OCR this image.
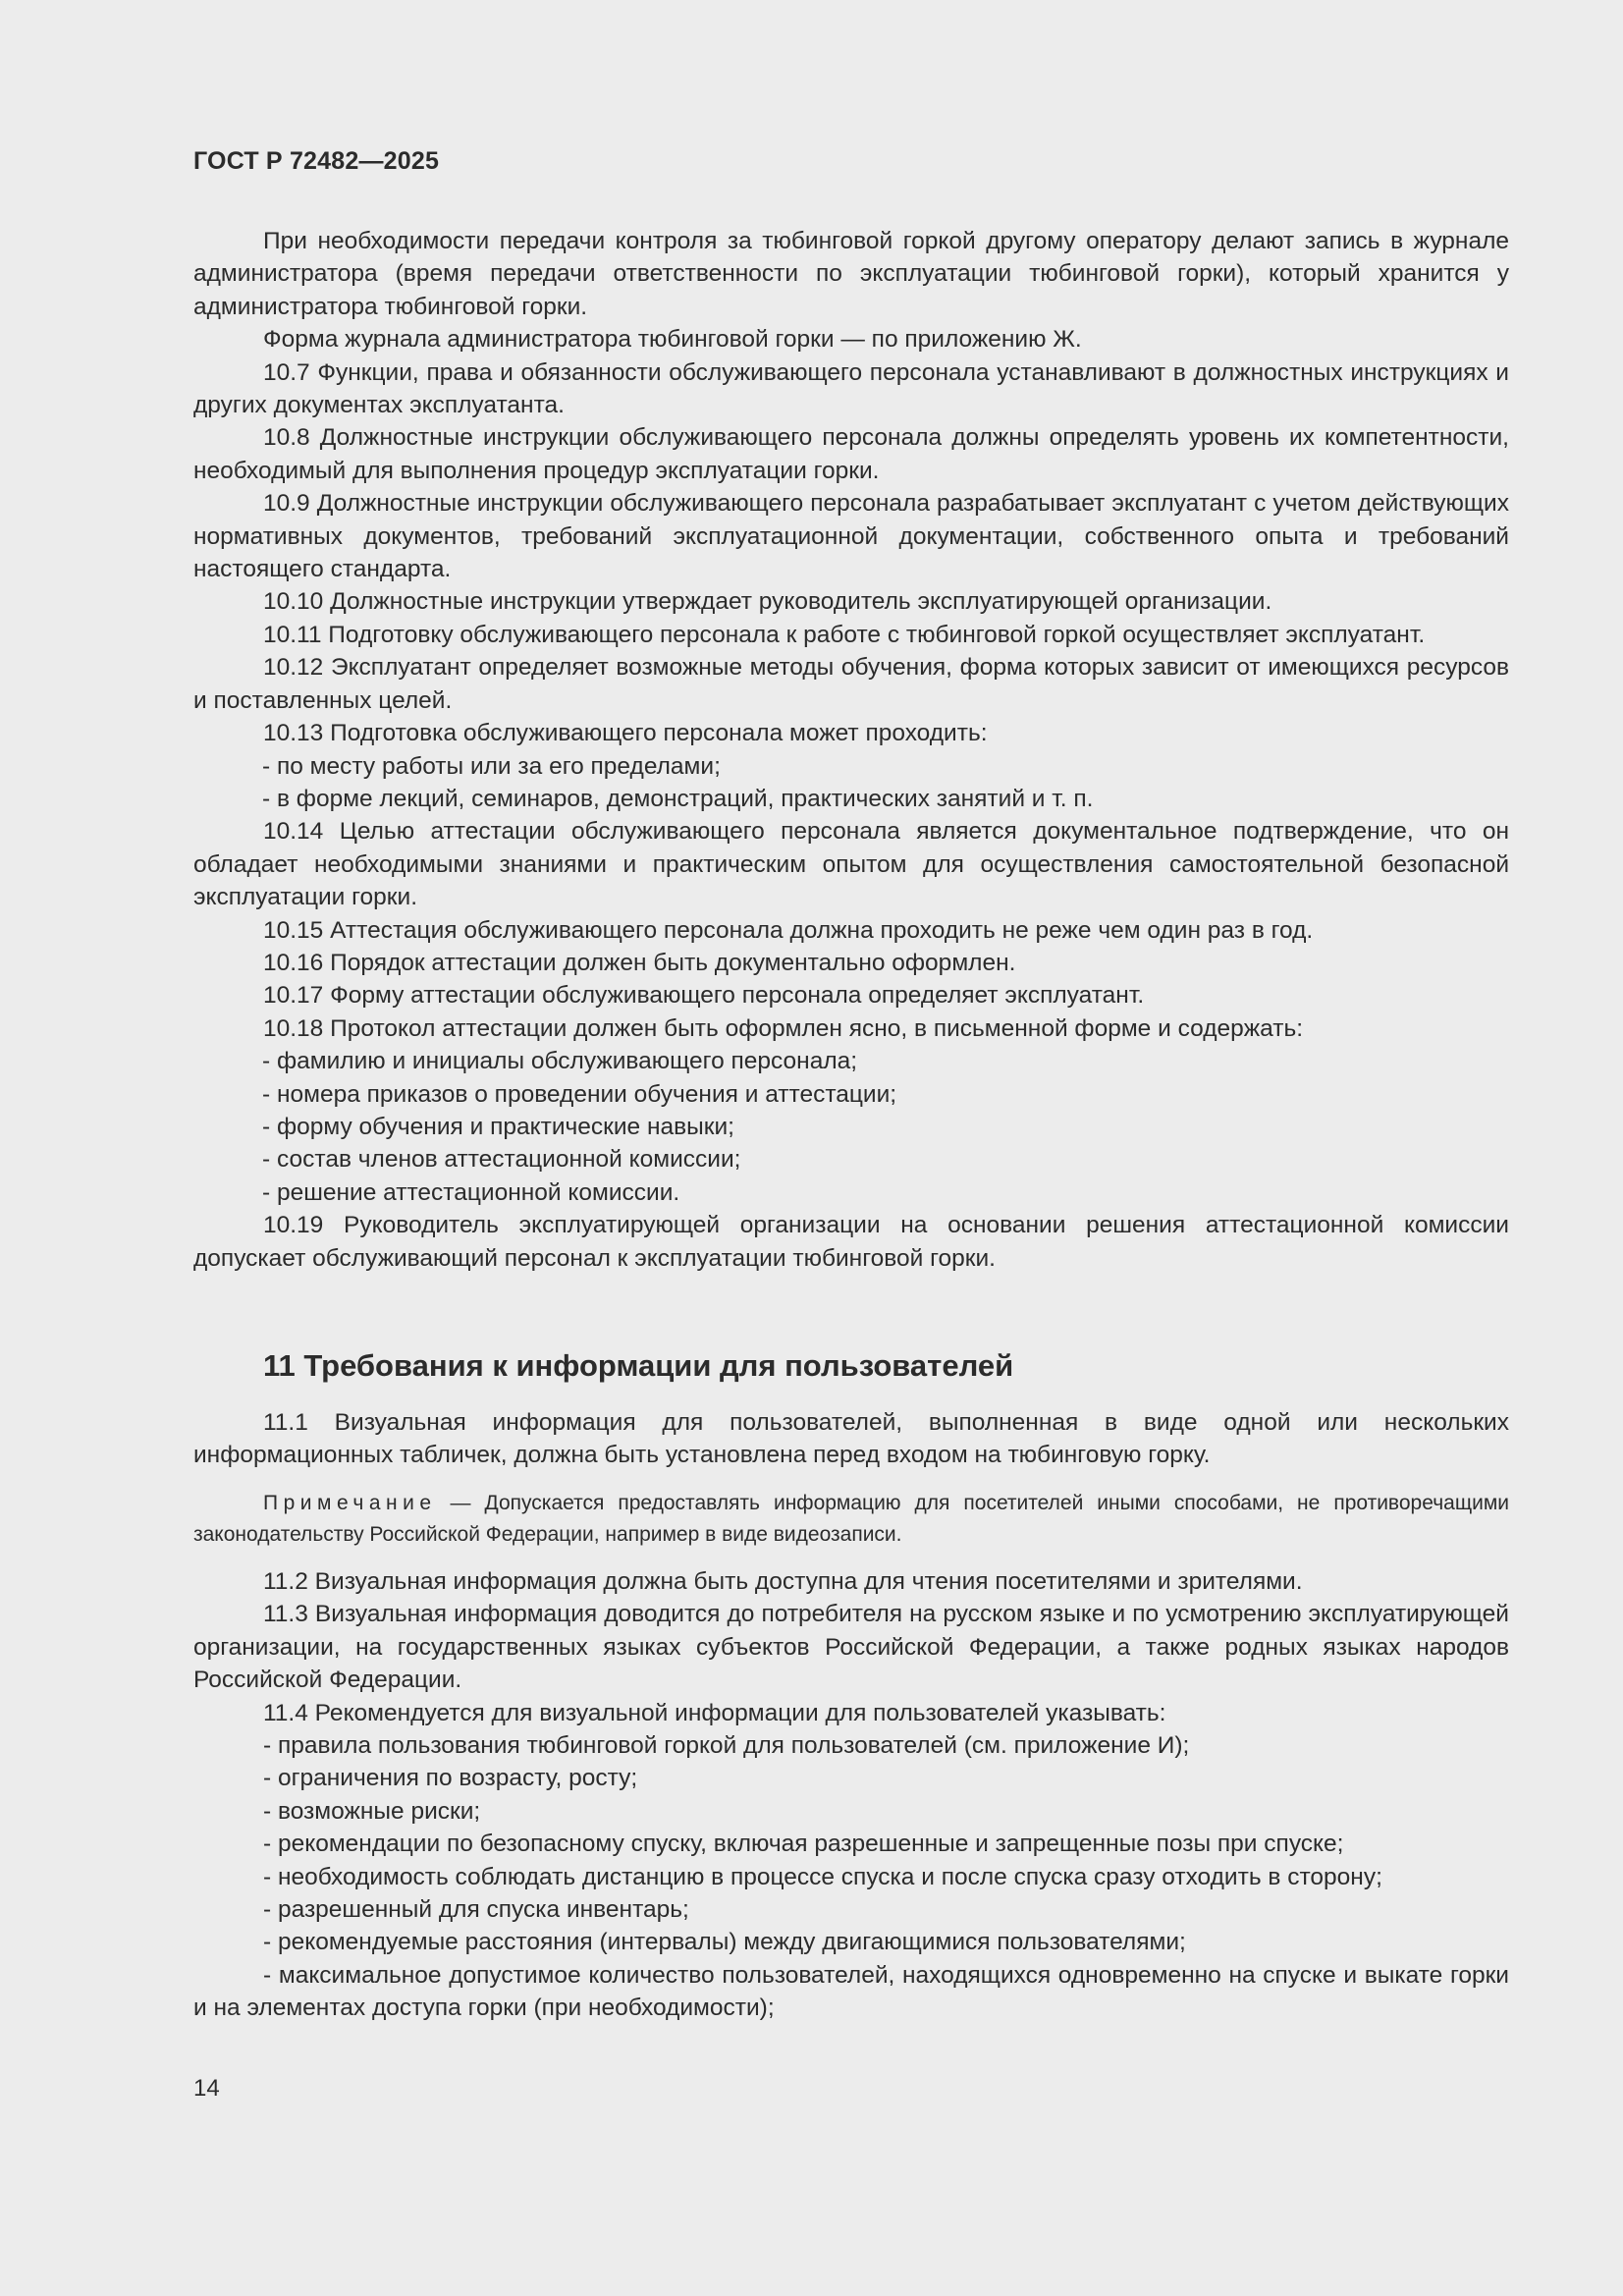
ГОСТ Р 72482—2025

При необходимости передачи контроля за тюбинговой горкой другому оператору делают запись в журнале администратора (время передачи ответственности по эксплуатации тюбинговой горки), который хранится у администратора тюбинговой горки.

Форма журнала администратора тюбинговой горки — по приложению Ж.

10.7 Функции, права и обязанности обслуживающего персонала устанавливают в должностных инструкциях и других документах эксплуатанта.

10.8 Должностные инструкции обслуживающего персонала должны определять уровень их компетентности, необходимый для выполнения процедур эксплуатации горки.

10.9 Должностные инструкции обслуживающего персонала разрабатывает эксплуатант с учетом действующих нормативных документов, требований эксплуатационной документации, собственного опыта и требований настоящего стандарта.

10.10 Должностные инструкции утверждает руководитель эксплуатирующей организации.

10.11 Подготовку обслуживающего персонала к работе с тюбинговой горкой осуществляет эксплуатант.

10.12 Эксплуатант определяет возможные методы обучения, форма которых зависит от имеющихся ресурсов и поставленных целей.

10.13 Подготовка обслуживающего персонала может проходить:

- по месту работы или за его пределами;

- в форме лекций, семинаров, демонстраций, практических занятий и т. п.

10.14 Целью аттестации обслуживающего персонала является документальное подтверждение, что он обладает необходимыми знаниями и практическим опытом для осуществления самостоятельной безопасной эксплуатации горки.

10.15 Аттестация обслуживающего персонала должна проходить не реже чем один раз в год.

10.16 Порядок аттестации должен быть документально оформлен.

10.17 Форму аттестации обслуживающего персонала определяет эксплуатант.

10.18 Протокол аттестации должен быть оформлен ясно, в письменной форме и содержать:

- фамилию и инициалы обслуживающего персонала;

- номера приказов о проведении обучения и аттестации;

- форму обучения и практические навыки;

- состав членов аттестационной комиссии;

- решение аттестационной комиссии.

10.19 Руководитель эксплуатирующей организации на основании решения аттестационной комиссии допускает обслуживающий персонал к эксплуатации тюбинговой горки.

11 Требования к информации для пользователей

11.1 Визуальная информация для пользователей, выполненная в виде одной или нескольких информационных табличек, должна быть установлена перед входом на тюбинговую горку.

Примечание — Допускается предоставлять информацию для посетителей иными способами, не противоречащими законодательству Российской Федерации, например в виде видеозаписи.

11.2 Визуальная информация должна быть доступна для чтения посетителями и зрителями.

11.3 Визуальная информация доводится до потребителя на русском языке и по усмотрению эксплуатирующей организации, на государственных языках субъектов Российской Федерации, а также родных языках народов Российской Федерации.

11.4 Рекомендуется для визуальной информации для пользователей указывать:

- правила пользования тюбинговой горкой для пользователей (см. приложение И);

- ограничения по возрасту, росту;

- возможные риски;

- рекомендации по безопасному спуску, включая разрешенные и запрещенные позы при спуске;

- необходимость соблюдать дистанцию в процессе спуска и после спуска сразу отходить в сторону;

- разрешенный для спуска инвентарь;

- рекомендуемые расстояния (интервалы) между двигающимися пользователями;

- максимальное допустимое количество пользователей, находящихся одновременно на спуске и выкате горки и на элементах доступа горки (при необходимости);

14
